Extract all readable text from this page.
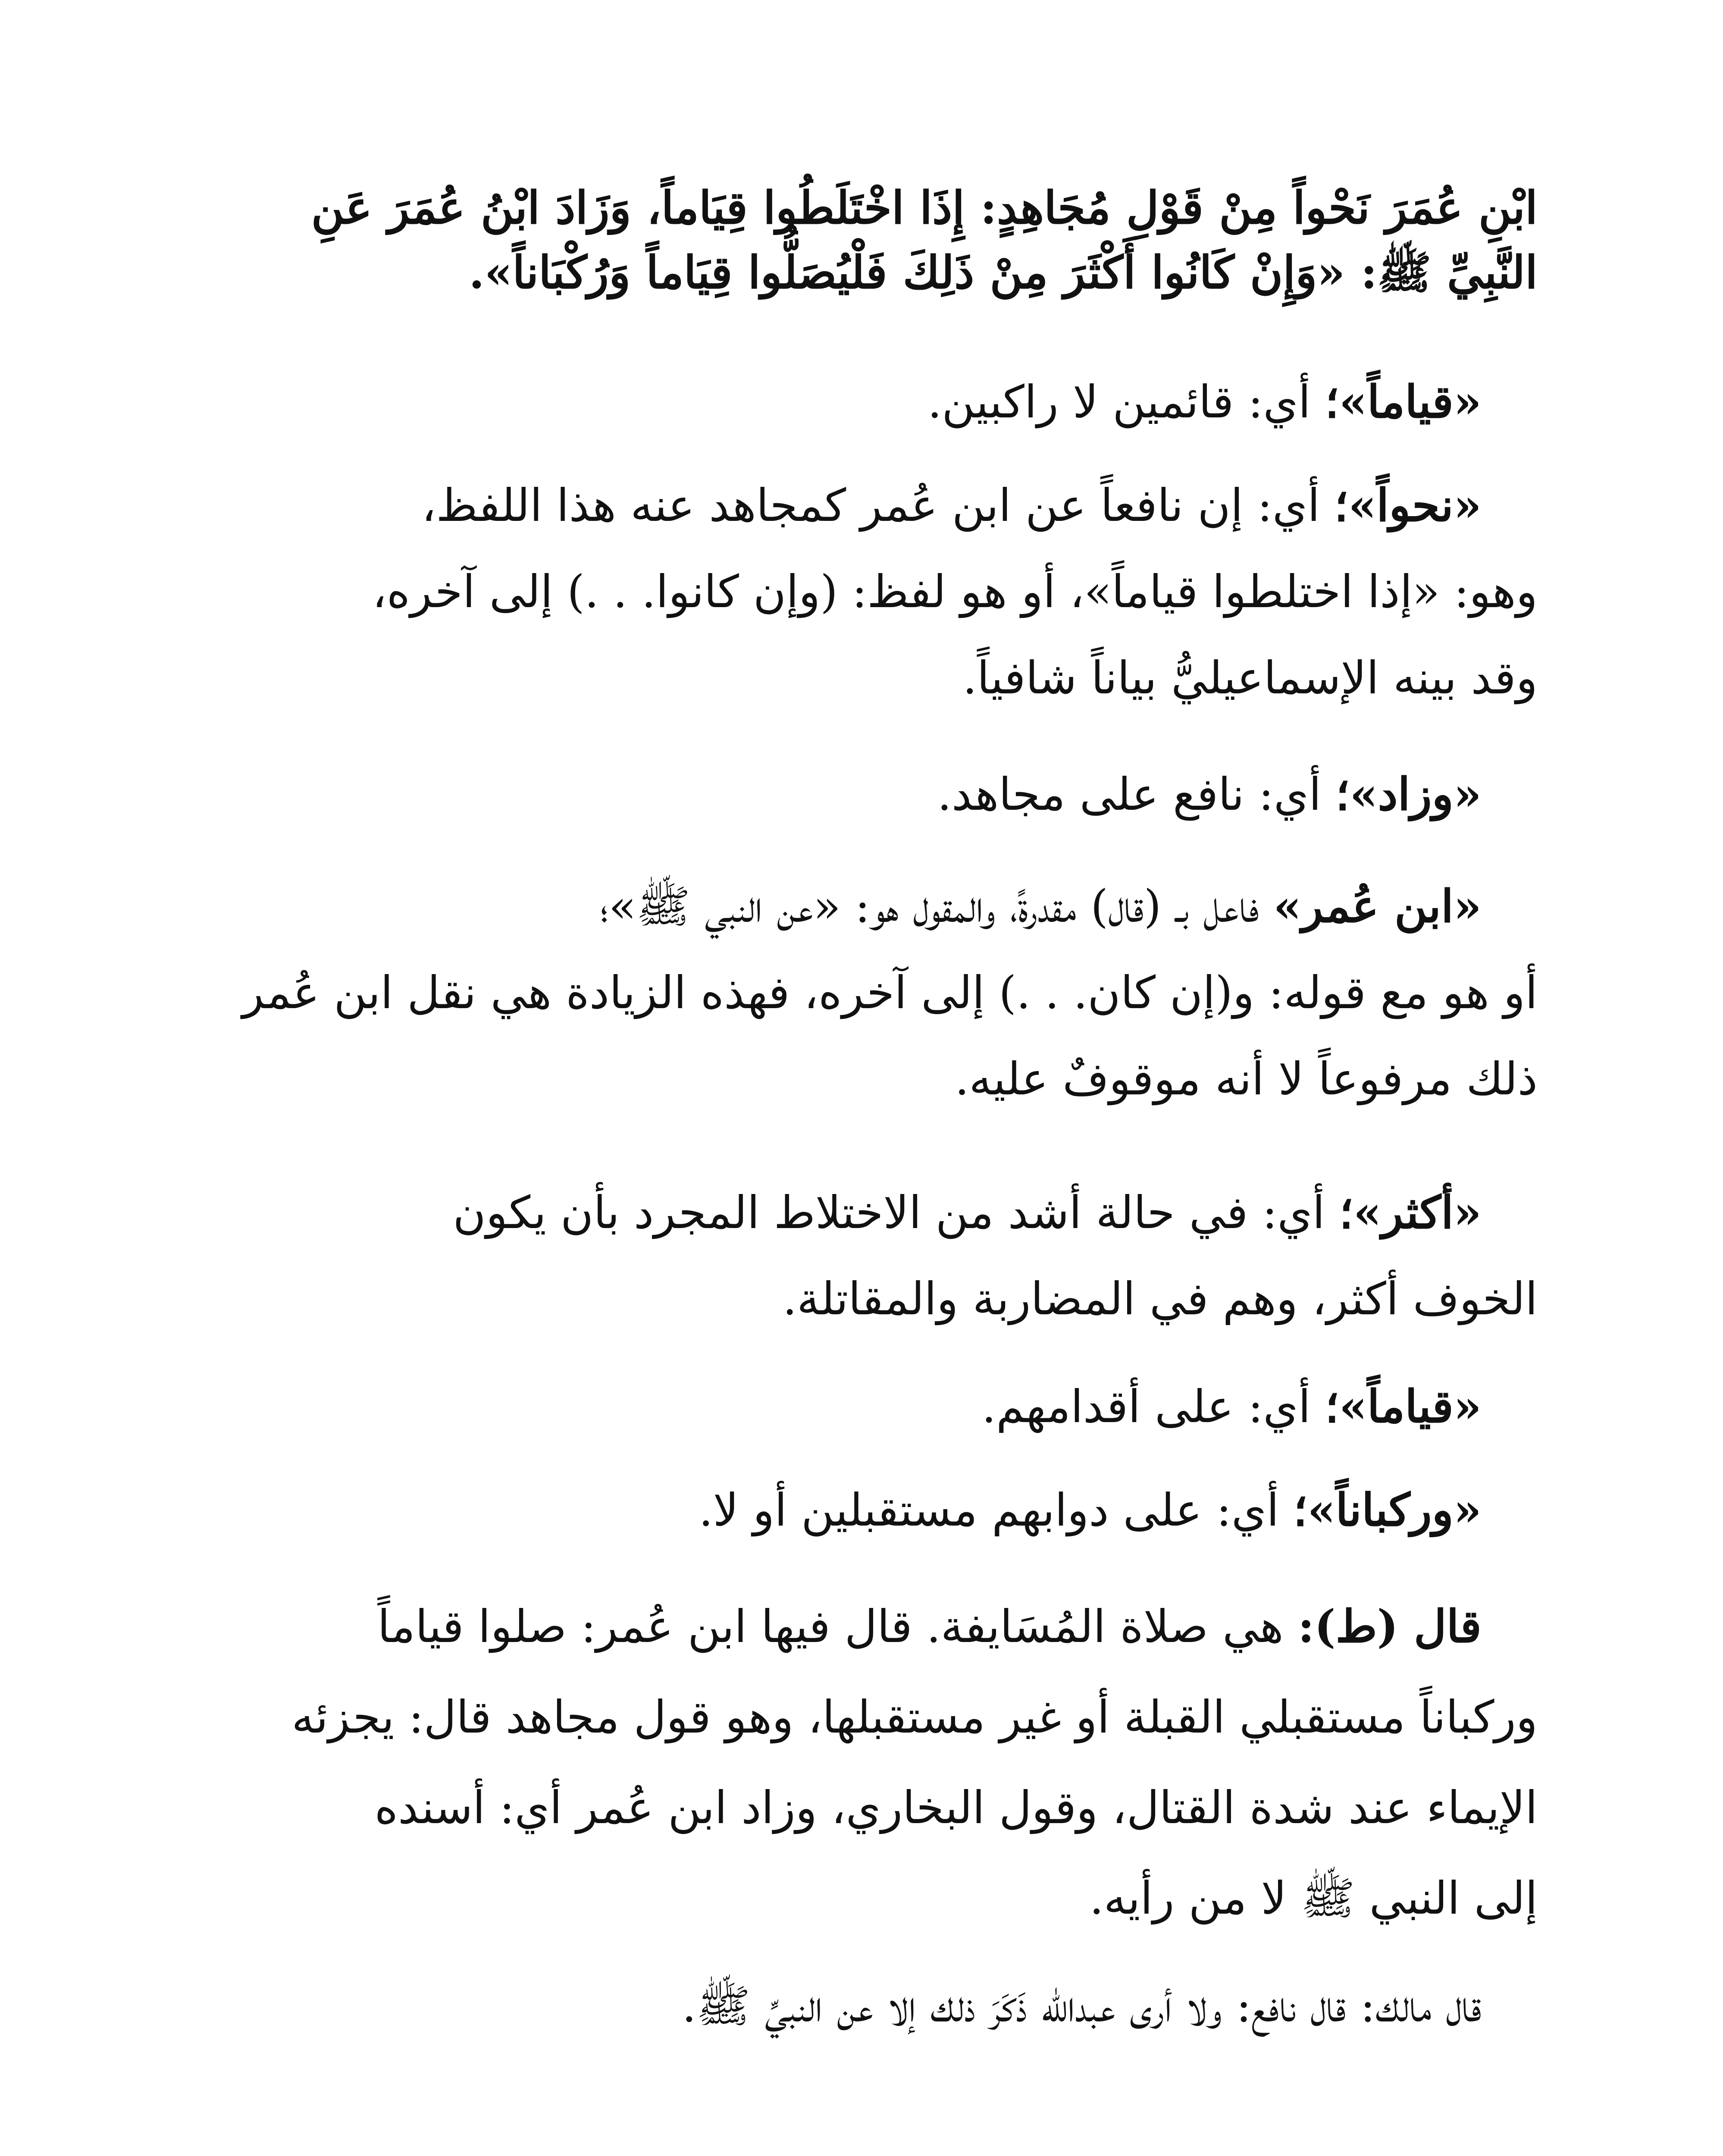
ابْنِ عُمَرَ نَحْواً مِنْ قَوْلِ مُجَاهِدٍ: إِذَا اخْتَلَطُوا قِيَاماً، وَزَادَ ابْنُ عُمَرَ عَنِ

النَّبِيِّ ﷺ: «وَإِنْ كَانُوا أَكْثَرَ مِنْ ذَلِكَ فَلْيُصَلُّوا قِيَاماً وَرُكْبَاناً».

«قياماً»؛ أي: قائمين لا راكبين.

«نحواً»؛ أي: إن نافعاً عن ابن عُمر كمجاهد عنه هذا اللفظ،

وهو: «إذا اختلطوا قياماً»، أو هو لفظ: (وإن كانوا. . .) إلى آخره،

وقد بينه الإسماعيليُّ بياناً شافياً.

«وزاد»؛ أي: نافع على مجاهد.

«ابن عُمر» فاعل بـ (قال) مقدرةً، والمقول هو: «عن النبي ﷺ»؛

أو هو مع قوله: و(إن كان. . .) إلى آخره، فهذه الزيادة هي نقل ابن عُمر

ذلك مرفوعاً لا أنه موقوفٌ عليه.

«أكثر»؛ أي: في حالة أشد من الاختلاط المجرد بأن يكون

الخوف أكثر، وهم في المضاربة والمقاتلة.

«قياماً»؛ أي: على أقدامهم.

«وركباناً»؛ أي: على دوابهم مستقبلين أو لا.

قال (ط): هي صلاة المُسَايفة. قال فيها ابن عُمر: صلوا قياماً

وركباناً مستقبلي القبلة أو غير مستقبلها، وهو قول مجاهد قال: يجزئه

الإيماء عند شدة القتال، وقول البخاري، وزاد ابن عُمر أي: أسنده

إلى النبي ﷺ لا من رأيه.

قال مالك: قال نافع: ولا أرى عبدالله ذَكَرَ ذلك إلا عن النبيِّ ﷺ.
